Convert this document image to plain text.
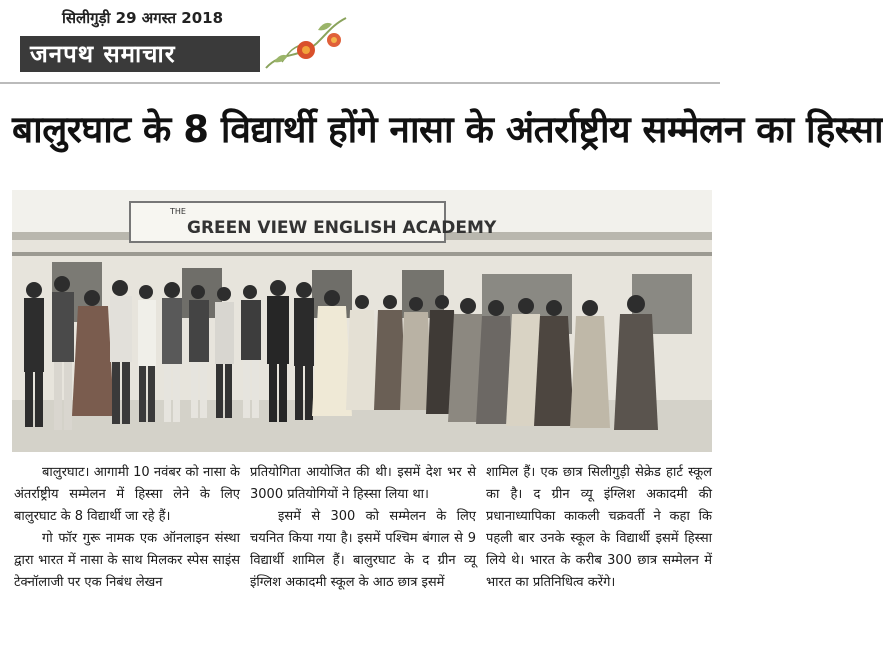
सिलीगुड़ी 29 अगस्त 2018
जनपथ समाचार
बालुरघाट के 8 विद्यार्थी होंगे नासा के अंतर्राष्ट्रीय सम्मेलन का हिस्सा
THE
GREEN VIEW ENGLISH ACADEMY

बालुरघाट। आगामी 10 नवंबर को नासा के अंतर्राष्ट्रीय सम्मेलन में हिस्सा लेने के लिए बालुरघाट के 8 विद्यार्थी जा रहे हैं।

गो फॉर गुरू नामक एक ऑनलाइन संस्था द्वारा भारत में नासा के साथ मिलकर स्पेस साइंस टेक्नॉलाजी पर एक निबंध लेखन

प्रतियोगिता आयोजित की थी। इसमें देश भर से 3000 प्रतियोगियों ने हिस्सा लिया था।

इसमें से 300 को सम्मेलन के लिए चयनित किया गया है। इसमें पश्चिम बंगाल से 9 विद्यार्थी शामिल हैं। बालुरघाट के द ग्रीन व्यू इंग्लिश अकादमी स्कूल के आठ छात्र इसमें

शामिल हैं। एक छात्र सिलीगुड़ी सेक्रेड हार्ट स्कूल का है। द ग्रीन व्यू इंग्लिश अकादमी की प्रधानाध्यापिका काकली चक्रवर्ती ने कहा कि पहली बार उनके स्कूल के विद्यार्थी इसमें हिस्सा लिये थे। भारत के करीब 300 छात्र सम्मेलन में भारत का प्रतिनिधित्व करेंगे।
